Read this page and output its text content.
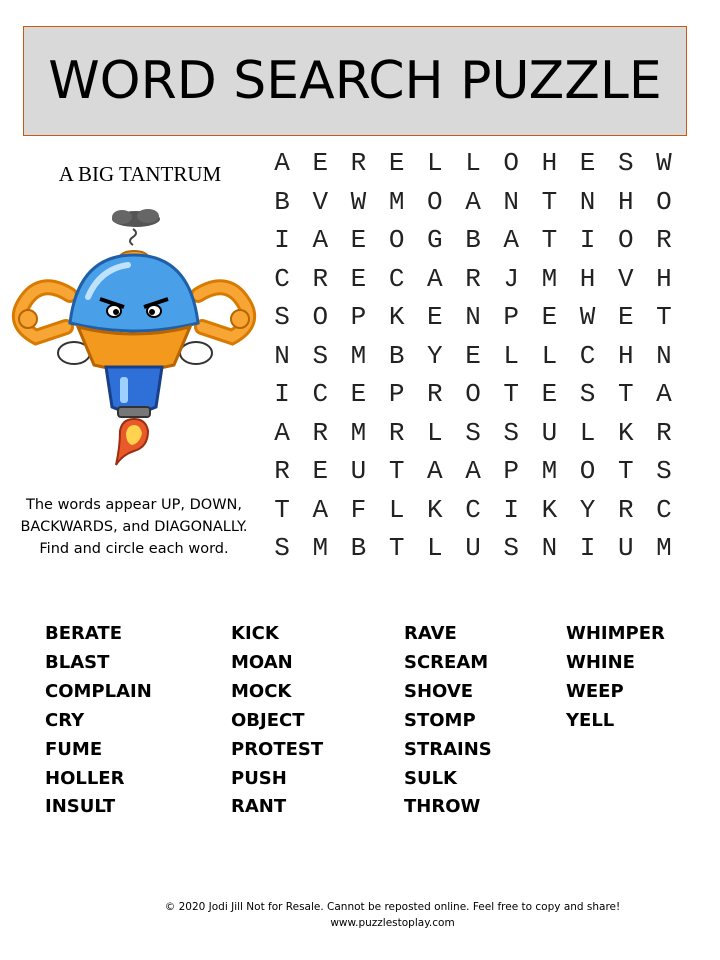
WORD SEARCH PUZZLE
A BIG TANTRUM
The words appear UP, DOWN,
BACKWARDS, and DIAGONALLY.
Find and circle each word.
A E R E L L O H E S W
B V W M O A N T N H O
I A E O G B A T I O R
C R E C A R J M H V H
S O P K E N P E W E T
N S M B Y E L L C H N
I C E P R O T E S T A
A R M R L S S U L K R
R E U T A A P M O T S
T A F L K C I K Y R C
S M B T L U S N I U M
BERATE
BLAST
COMPLAIN
CRY
FUME
HOLLER
INSULT
KICK
MOAN
MOCK
OBJECT
PROTEST
PUSH
RANT
RAVE
SCREAM
SHOVE
STOMP
STRAINS
SULK
THROW
WHIMPER
WHINE
WEEP
YELL
© 2020 Jodi Jill Not for Resale. Cannot be reposted online. Feel free to copy and share!
www.puzzlestoplay.com
